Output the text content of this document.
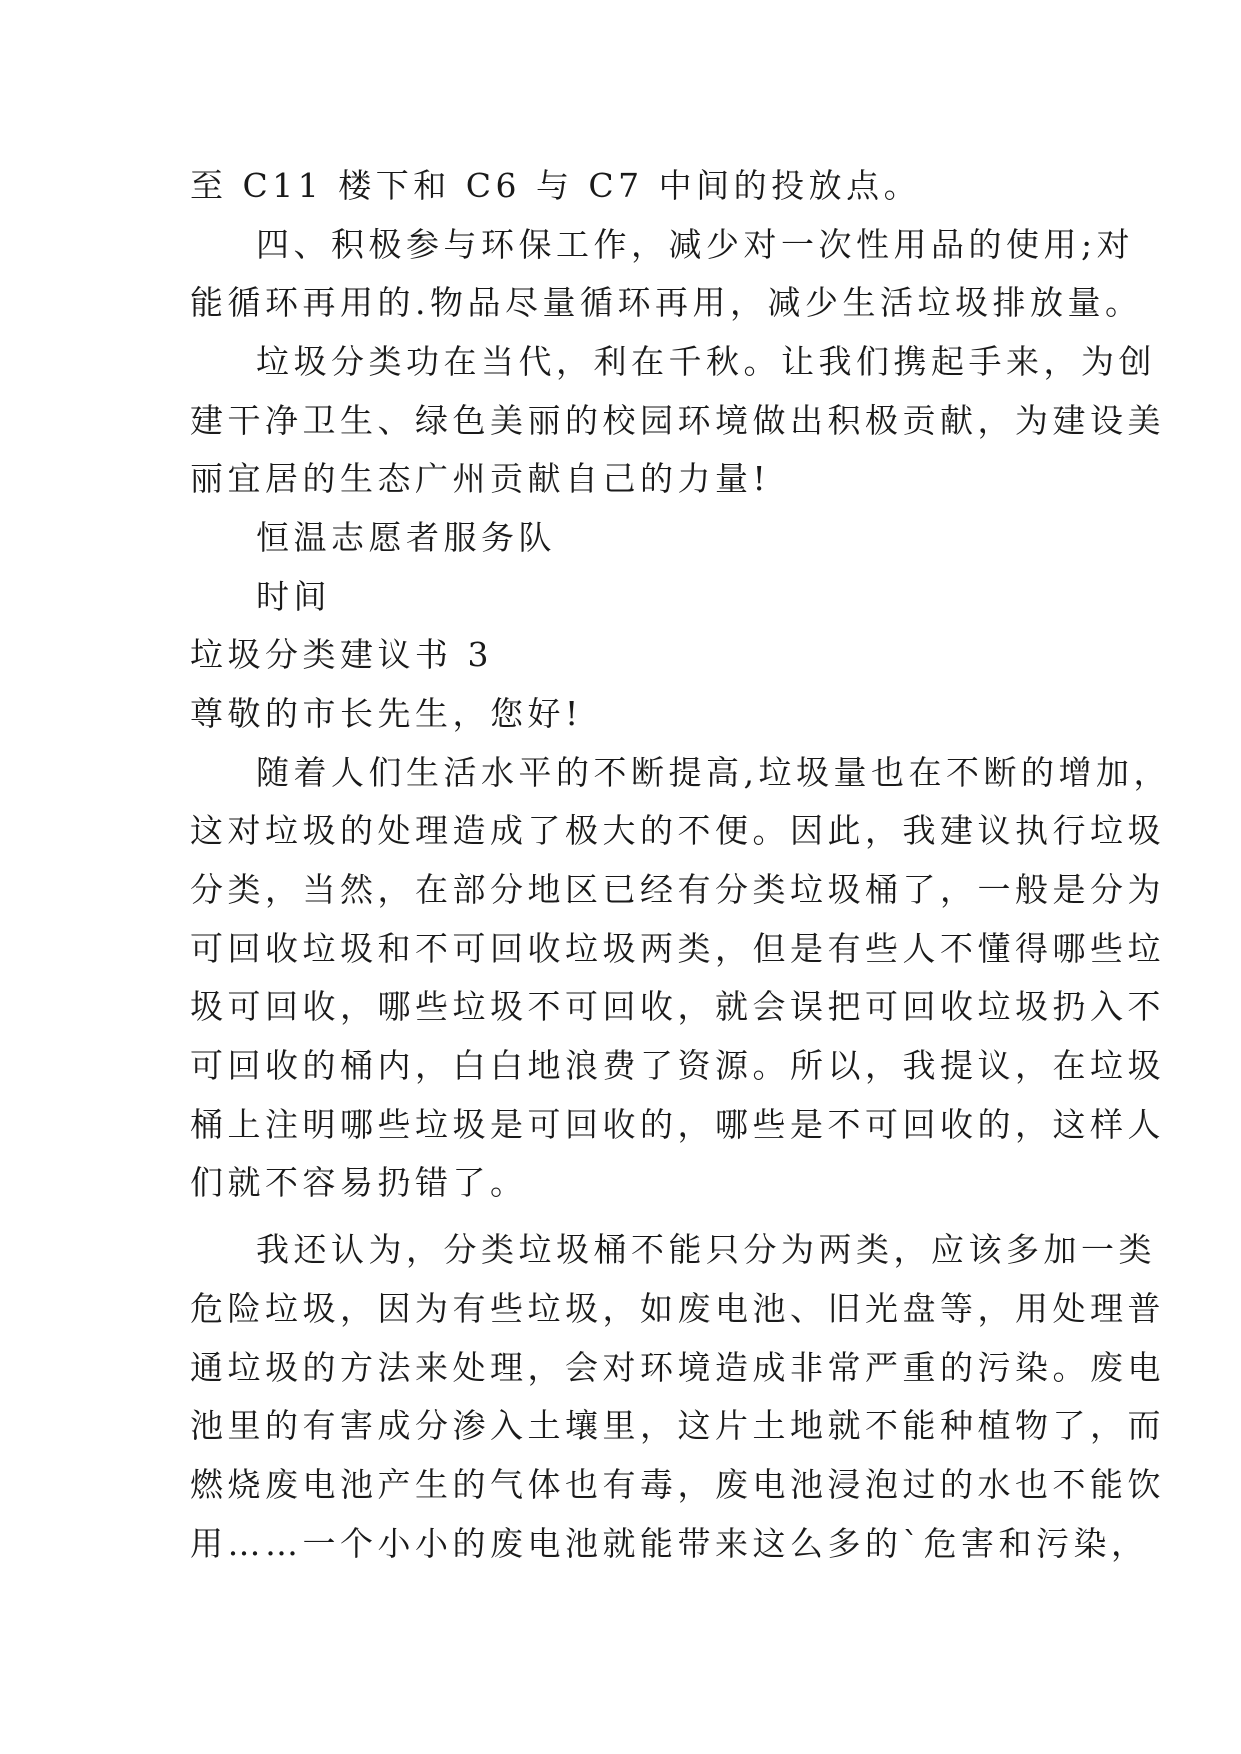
至 C11 楼下和 C6 与 C7 中间的投放点。
四、积极参与环保工作，减少对一次性用品的使用;对
能循环再用的.物品尽量循环再用，减少生活垃圾排放量。
垃圾分类功在当代，利在千秋。让我们携起手来，为创
建干净卫生、绿色美丽的校园环境做出积极贡献，为建设美
丽宜居的生态广州贡献自己的力量!
恒温志愿者服务队
时间
垃圾分类建议书 3
尊敬的市长先生，您好!
随着人们生活水平的不断提高,垃圾量也在不断的增加，
这对垃圾的处理造成了极大的不便。因此，我建议执行垃圾
分类，当然，在部分地区已经有分类垃圾桶了，一般是分为
可回收垃圾和不可回收垃圾两类，但是有些人不懂得哪些垃
圾可回收，哪些垃圾不可回收，就会误把可回收垃圾扔入不
可回收的桶内，白白地浪费了资源。所以，我提议，在垃圾
桶上注明哪些垃圾是可回收的，哪些是不可回收的，这样人
们就不容易扔错了。
我还认为，分类垃圾桶不能只分为两类，应该多加一类
危险垃圾，因为有些垃圾，如废电池、旧光盘等，用处理普
通垃圾的方法来处理，会对环境造成非常严重的污染。废电
池里的有害成分渗入土壤里，这片土地就不能种植物了，而
燃烧废电池产生的气体也有毒，废电池浸泡过的水也不能饮
用……一个小小的废电池就能带来这么多的`危害和污染，
